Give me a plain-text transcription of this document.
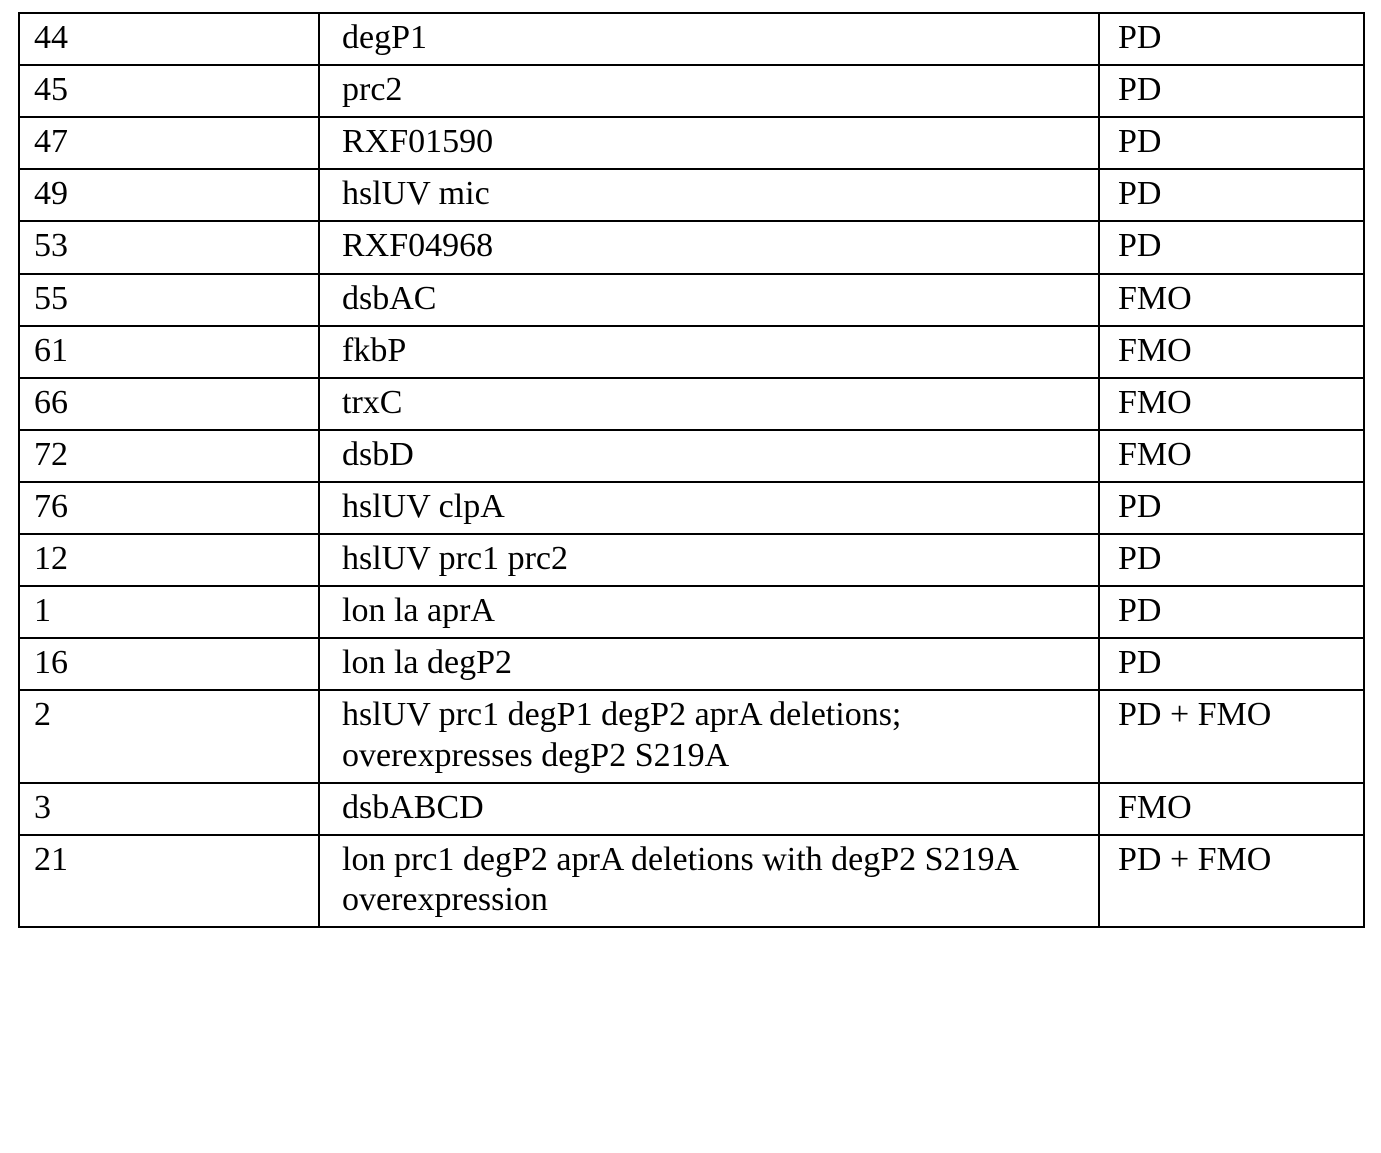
44	degP1	PD

45	prc2	PD

47	RXF01590	PD

49	hslUV mic	PD

53	RXF04968	PD

55	dsbAC	FMO

61	fkbP	FMO

66	trxC	FMO

72	dsbD	FMO

76	hslUV clpA	PD

12	hslUV prc1 prc2	PD

1	lon la aprA	PD

16	lon la degP2	PD

2	hslUV prc1 degP1 degP2 aprA deletions; overexpresses degP2 S219A	PD + FMO

3	dsbABCD	FMO

21	lon prc1 degP2 aprA deletions with degP2 S219A overexpression	PD + FMO
